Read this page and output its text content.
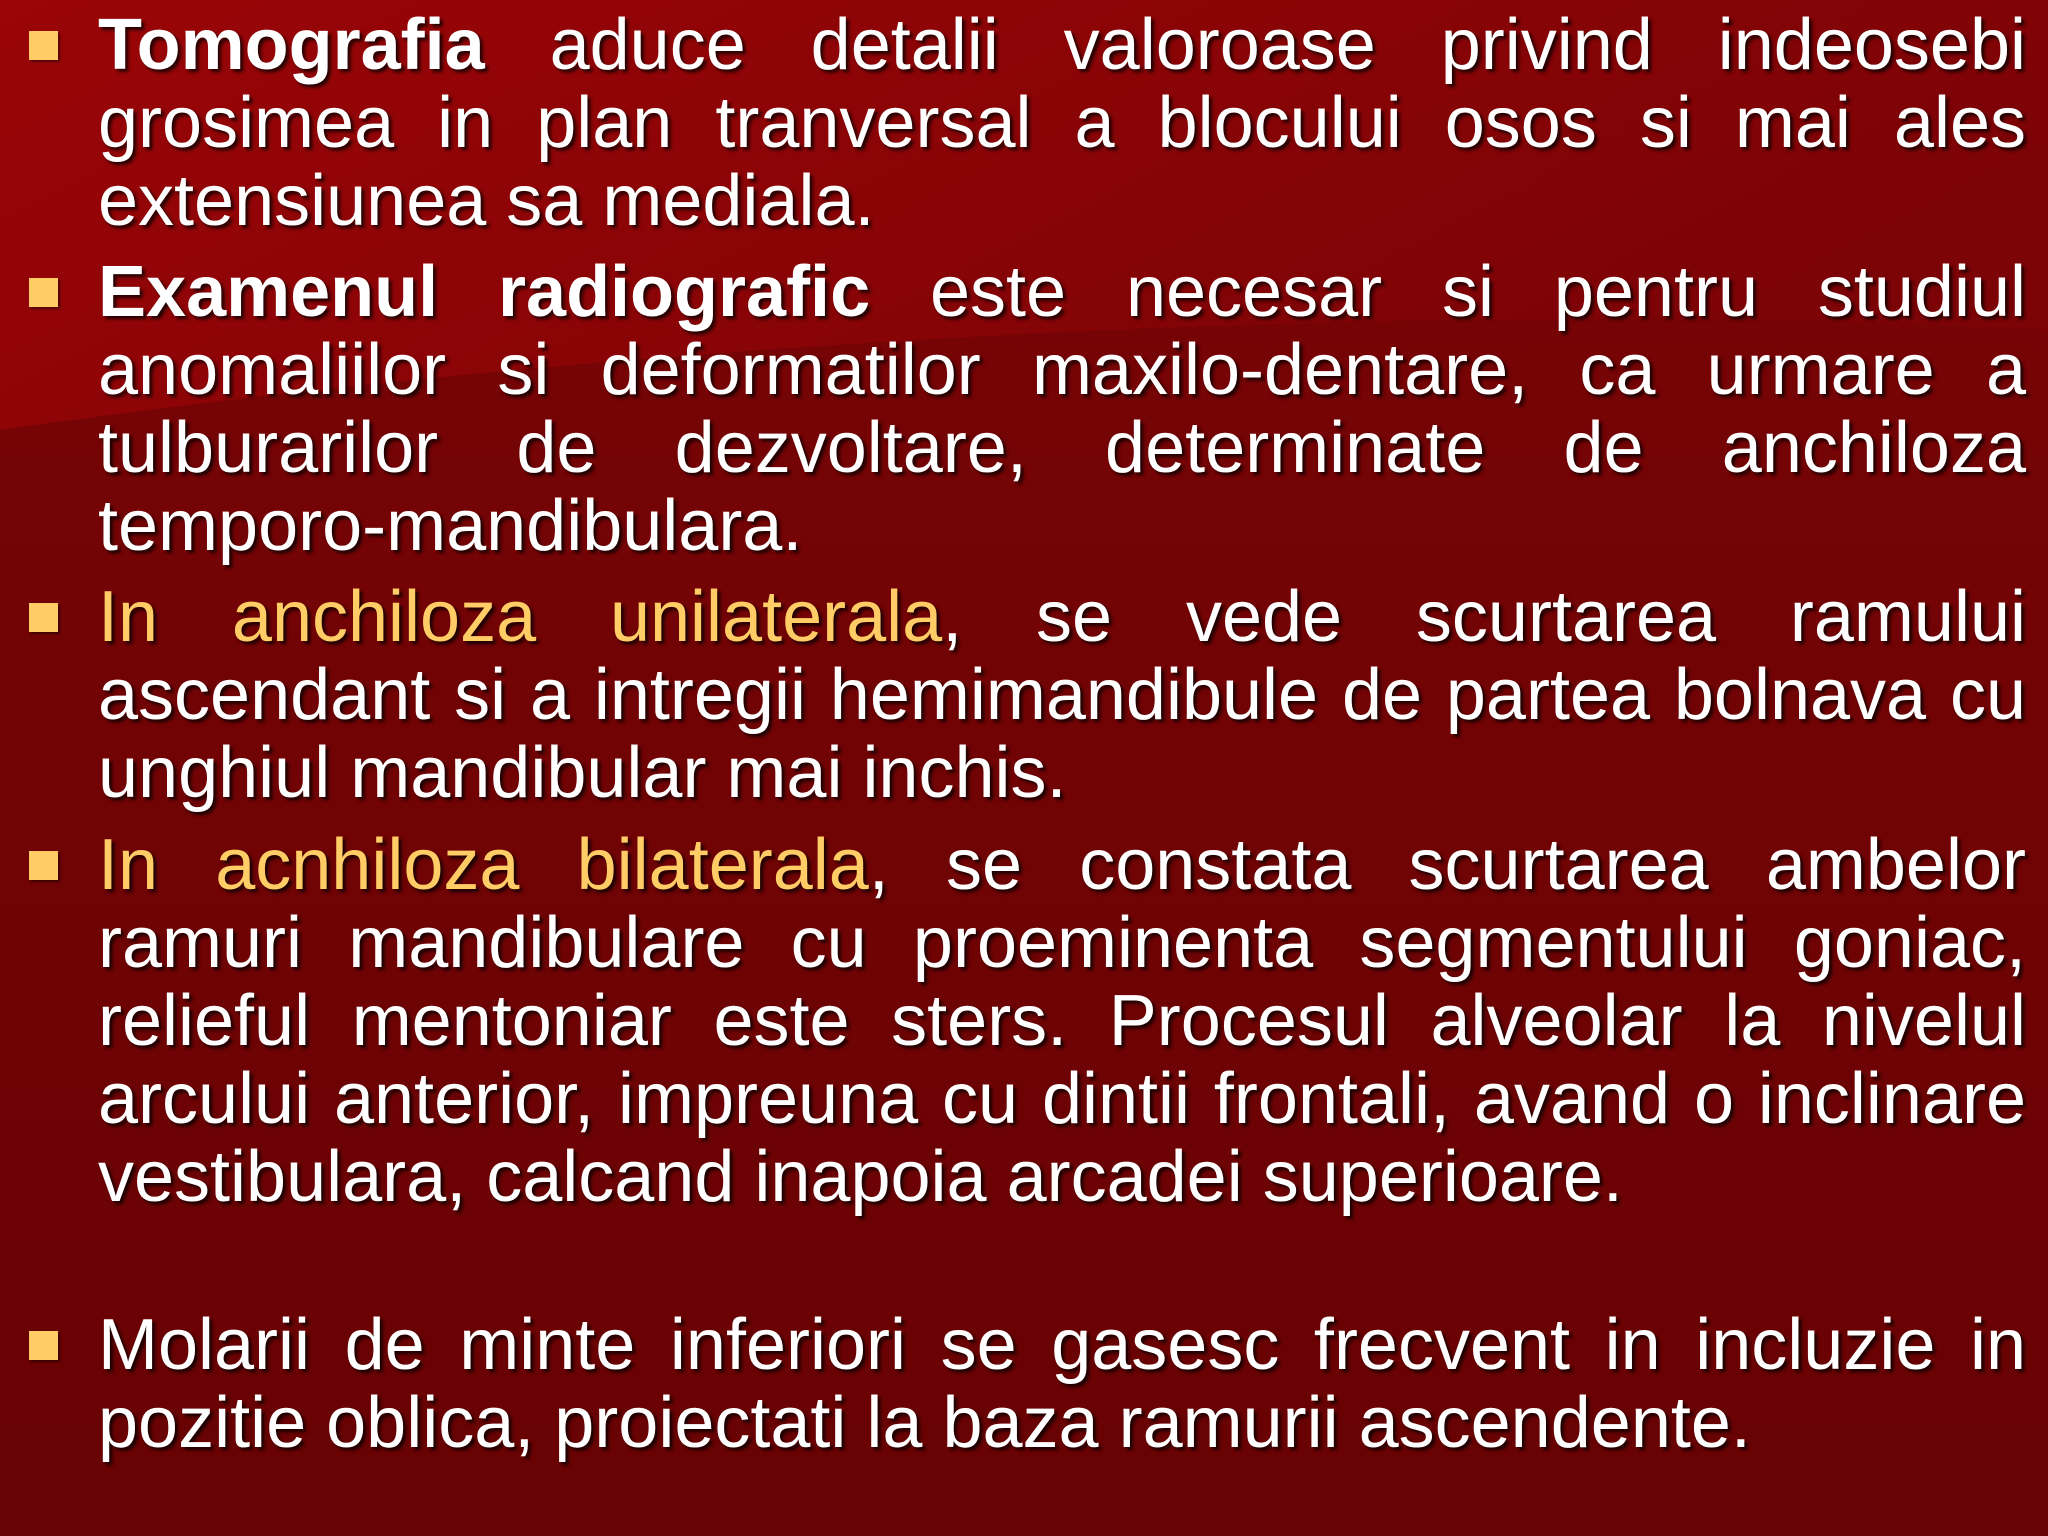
Tomografia aduce detalii valoroase privind indeosebi grosimea in plan tranversal a blocului osos si mai ales extensiunea sa mediala.

Examenul radiografic este necesar si pentru studiul anomaliilor si deformatilor maxilo-dentare, ca urmare a tulburarilor de dezvoltare, determinate de anchiloza temporo-mandibulara.

In anchiloza unilaterala, se vede scurtarea ramului ascendant si a intregii hemimandibule de partea bolnava cu unghiul mandibular mai inchis.

In acnhiloza bilaterala, se constata scurtarea ambelor ramuri mandibulare cu proeminenta segmentului goniac, relieful mentoniar este sters. Procesul alveolar la nivelul arcului anterior, impreuna cu dintii frontali, avand o inclinare vestibulara, calcand inapoia arcadei superioare.

Molarii de minte inferiori se gasesc frecvent in incluzie in pozitie oblica, proiectati la baza ramurii ascendente.
